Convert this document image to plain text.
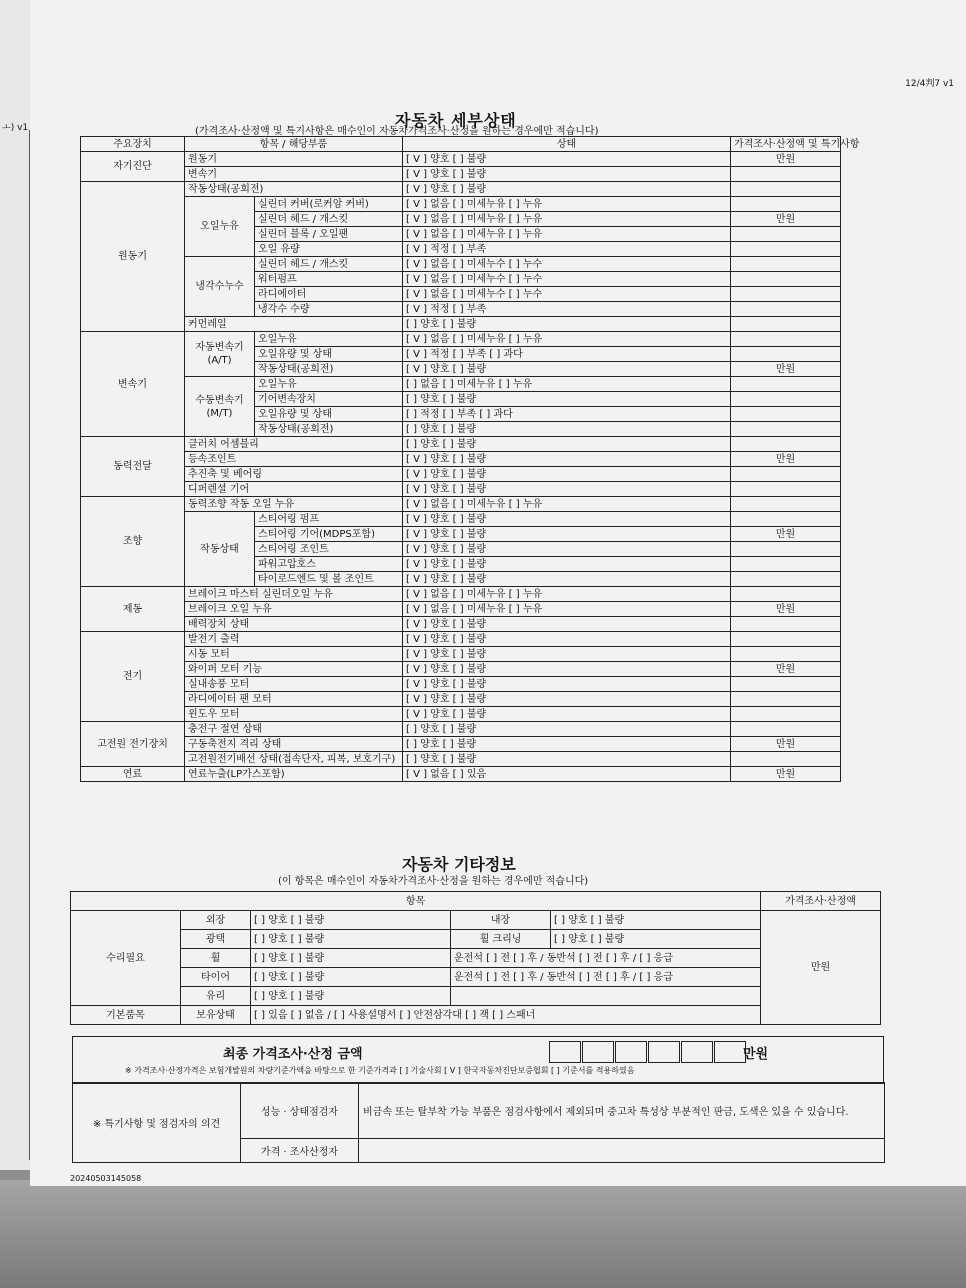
ㅗ) v1
12/4判7 v1
자동차 세부상태
(가격조사·산정액 및 특기사항은 매수인이 자동차가격조사·산정을 원하는 경우에만 적습니다)
주요장치	항목 / 해당부품		상태	가격조사·산정액 및 특기사항
자기진단	원동기		[ V ] 양호 [ ] 불량	만원
	변속기		[ V ] 양호 [ ] 불량	
원동기	작동상태(공회전)		[ V ] 양호 [ ] 불량	
	오일누유	실린더 커버(로커암 커버)	[ V ] 없음 [ ] 미세누유 [ ] 누유	
		실린더 헤드 / 개스킷	[ V ] 없음 [ ] 미세누유 [ ] 누유	만원
		실린더 블록 / 오일팬	[ V ] 없음 [ ] 미세누유 [ ] 누유	
		오일 유량	[ V ] 적정 [ ] 부족	
	냉각수누수	실린더 헤드 / 개스킷	[ V ] 없음 [ ] 미세누수 [ ] 누수	
		워터펌프	[ V ] 없음 [ ] 미세누수 [ ] 누수	
		라디에이터	[ V ] 없음 [ ] 미세누수 [ ] 누수	
		냉각수 수량	[ V ] 적정 [ ] 부족	
	커먼레일		[ ] 양호 [ ] 불량	
변속기	자동변속기 (A/T)	오일누유	[ V ] 없음 [ ] 미세누유 [ ] 누유	
		오일유량 및 상태	[ V ] 적정 [ ] 부족 [ ] 과다	
		작동상태(공회전)	[ V ] 양호 [ ] 불량	만원
	수동변속기 (M/T)	오일누유	[ ] 없음 [ ] 미세누유 [ ] 누유	
		기어변속장치	[ ] 양호 [ ] 불량	
		오일유량 및 상태	[ ] 적정 [ ] 부족 [ ] 과다	
		작동상태(공회전)	[ ] 양호 [ ] 불량	
동력전달	클러치 어셈블리		[ ] 양호 [ ] 불량	
	등속조인트		[ V ] 양호 [ ] 불량	만원
	추진축 및 베어링		[ V ] 양호 [ ] 불량	
	디퍼렌셜 기어		[ V ] 양호 [ ] 불량	
조향	동력조향 작동 오일 누유		[ V ] 없음 [ ] 미세누유 [ ] 누유	
	작동상태	스티어링 펌프	[ V ] 양호 [ ] 불량	
		스티어링 기어(MDPS포함)	[ V ] 양호 [ ] 불량	만원
		스티어링 조인트	[ V ] 양호 [ ] 불량	
		파워고압호스	[ V ] 양호 [ ] 불량	
		타이로드엔드 및 볼 조인트	[ V ] 양호 [ ] 불량	
제동	브레이크 마스터 실린더오일 누유		[ V ] 없음 [ ] 미세누유 [ ] 누유	
	브레이크 오일 누유		[ V ] 없음 [ ] 미세누유 [ ] 누유	만원
	배력장치 상태		[ V ] 양호 [ ] 불량	
전기	발전기 출력		[ V ] 양호 [ ] 불량	
	시동 모터		[ V ] 양호 [ ] 불량	
	와이퍼 모터 기능		[ V ] 양호 [ ] 불량	만원
	실내송풍 모터		[ V ] 양호 [ ] 불량	
	라디에이터 팬 모터		[ V ] 양호 [ ] 불량	
	윈도우 모터		[ V ] 양호 [ ] 불량	
고전원 전기장치	충전구 절연 상태		[ ] 양호 [ ] 불량	
	구동축전지 격리 상태		[ ] 양호 [ ] 불량	만원
	고전원전기배선 상태(접속단자, 피복, 보호기구)		[ ] 양호 [ ] 불량	
연료	연료누출(LP가스포함)		[ V ] 없음 [ ] 있음	만원
자동차 기타정보
(이 항목은 매수인이 자동차가격조사·산정을 원하는 경우에만 적습니다)
항목					가격조사·산정액
수리필요	외장	[ ] 양호 [ ] 불량	내장	[ ] 양호 [ ] 불량	만원
	광택	[ ] 양호 [ ] 불량	휠 크리닝	[ ] 양호 [ ] 불량	
	휠	[ ] 양호 [ ] 불량	운전석 [ ] 전 [ ] 후 / 동반석 [ ] 전 [ ] 후 / [ ] 응급		
	타이어	[ ] 양호 [ ] 불량	운전석 [ ] 전 [ ] 후 / 동반석 [ ] 전 [ ] 후 / [ ] 응급		
	유리	[ ] 양호 [ ] 불량			
기본품목	보유상태	[ ] 있음 [ ] 없음 / [ ] 사용설명서 [ ] 안전삼각대 [ ] 잭 [ ] 스패너			
최종 가격조사·산정 금액	만원
※ 가격조사·산정가격은 보험개발원의 차량기준가액을 바탕으로 한 기준가격과 [ ] 기술사회 [ V ] 한국자동차진단보증협회 [ ] 기준서를 적용하였음
※ 특기사항 및 점검자의 의견	성능 · 상태점검자	비금속 또는 탈부착 가능 부품은 점검사항에서 제외되며 중고차 특성상 부분적인 판금, 도색은 있을 수 있습니다.
	가격 · 조사산정자	
20240503145058
